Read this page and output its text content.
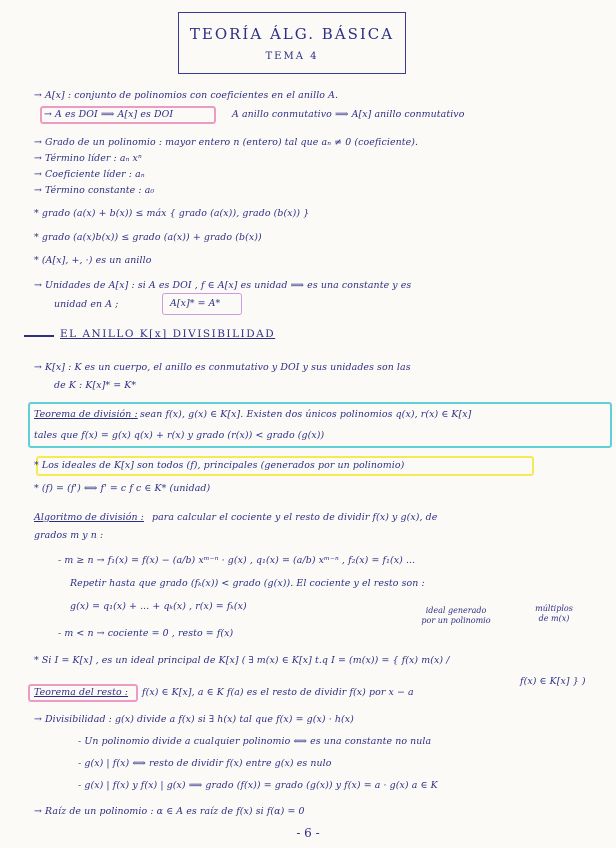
TEORÍA ÁLG. BÁSICA
TEMA 4
→ A[x] : conjunto de polinomios con coeficientes en el anillo A.
→ A es DOI ⟹ A[x] es DOI	A anillo conmutativo ⟹ A[x] anillo conmutativo
→ Grado de un polinomio : mayor entero n (entero) tal que aₙ ≠ 0 (coeficiente).
→ Término líder : aₙ xⁿ
→ Coeficiente líder : aₙ
→ Término constante : a₀
* grado (a(x) + b(x)) ≤ máx { grado (a(x)), grado (b(x)) }
* grado (a(x)b(x)) ≤ grado (a(x)) + grado (b(x))
* (A[x], +, ·) es un anillo
→ Unidades de A[x] : si A es DOI , f ∈ A[x] es unidad ⟹ es una constante y es
unidad en A ;	A[x]* = A*
EL ANILLO K[x] DIVISIBILIDAD
→ K[x] : K es un cuerpo, el anillo es conmutativo y DOI y sus unidades son las
de K : K[x]* = K*
Teorema de división : sean f(x), g(x) ∈ K[x]. Existen dos únicos polinomios q(x), r(x) ∈ K[x]
tales que f(x) = g(x) q(x) + r(x) y grado (r(x)) < grado (g(x))
* Los ideales de K[x] son todos (f), principales (generados por un polinomio)
* (f) = (f') ⟺ f' = c f c ∈ K* (unidad)
Algoritmo de división : para calcular el cociente y el resto de dividir f(x) y g(x), de
grados m y n :
- m ≥ n → f₁(x) = f(x) − (a/b) xᵐ⁻ⁿ · g(x) , q₁(x) = (a/b) xᵐ⁻ⁿ , f₂(x) = f₁(x) ...
Repetir hasta que grado (fₖ(x)) < grado (g(x)). El cociente y el resto son :
g(x) = q₁(x) + ... + qₖ(x) , r(x) = fₖ(x)	ideal generado
por un polinomio
múltiplos
de m(x)
- m < n → cociente = 0 , resto = f(x)
* Si I = K[x] , es un ideal principal de K[x] ( ∃ m(x) ∈ K[x] t.q I = (m(x)) = { f(x) m(x) /
f(x) ∈ K[x] } )
Teorema del resto : f(x) ∈ K[x], a ∈ K f(a) es el resto de dividir f(x) por x − a
→ Divisibilidad : g(x) divide a f(x) si ∃ h(x) tal que f(x) = g(x) · h(x)
- Un polinomio divide a cualquier polinomio ⟺ es una constante no nula
- g(x) | f(x) ⟺ resto de dividir f(x) entre g(x) es nulo
- g(x) | f(x) y f(x) | g(x) ⟹ grado (f(x)) = grado (g(x)) y f(x) = a · g(x) a ∈ K
→ Raíz de un polinomio : α ∈ A es raíz de f(x) si f(α) = 0
- 6 -
